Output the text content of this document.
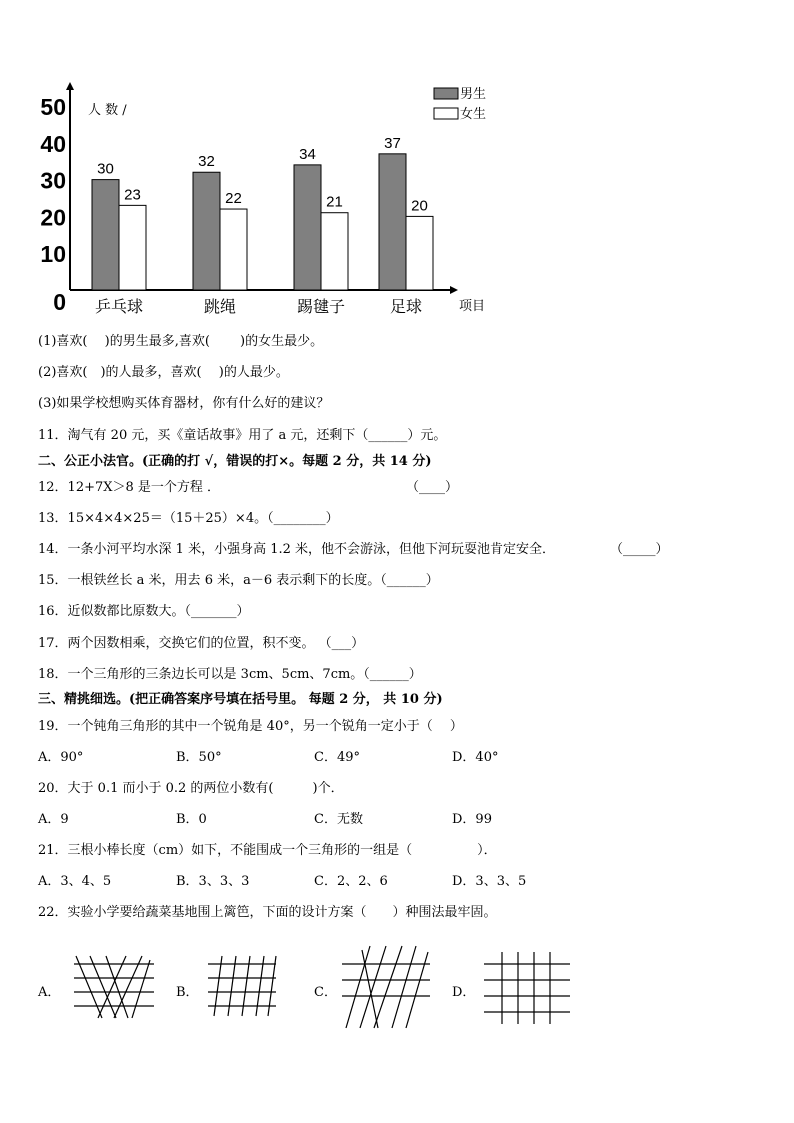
0
10
20
30
40
50 人 数 /
项目
30
23
乒乓球
32
22
跳绳
34
21
踢毽子
37
20
足球
男生
女生
(1)喜欢(　 )的男生最多,喜欢(　　 )的女生最少。
(2)喜欢(　)的人最多，喜欢(　 )的人最少。
(3)如果学校想购买体育器材，你有什么好的建议？
11．淘气有 20 元，买《童话故事》用了 a 元，还剩下（______）元。
二、公正小法官。(正确的打 √，错误的打×。每题 2 分，共 14 分)
12．12+7X＞8 是一个方程 ．	（____）
13．15×4×4×25＝（15＋25）×4。（________）
14．一条小河平均水深 1 米，小强身高 1.2 米，他不会游泳，但他下河玩耍池肯定安全．	（_____）
15．一根铁丝长 a 米，用去 6 米，a－6 表示剩下的长度。（______）
16．近似数都比原数大。（_______）
17．两个因数相乘，交换它们的位置，积不变。 （___）
18．一个三角形的三条边长可以是 3cm、5cm、7cm。（______）
三、精挑细选。(把正确答案序号填在括号里。 每题 2 分， 共 10 分)
19．一个钝角三角形的其中一个锐角是 40°，另一个锐角一定小于（　 ）
A．90°	B．50°	C．49°	D．40°
20．大于 0.1 而小于 0.2 的两位小数有(　　　)个．
A．9	B．0	C．无数	D．99
21．三根小棒长度（cm）如下，不能围成一个三角形的一组是（　　　　　）．
A．3、4、5	B．3、3、3	C．2、2、6	D．3、3、5
22．实验小学要给蔬菜基地围上篱笆，下面的设计方案（　　）种围法最牢固。
A．	B．	C．	D．
